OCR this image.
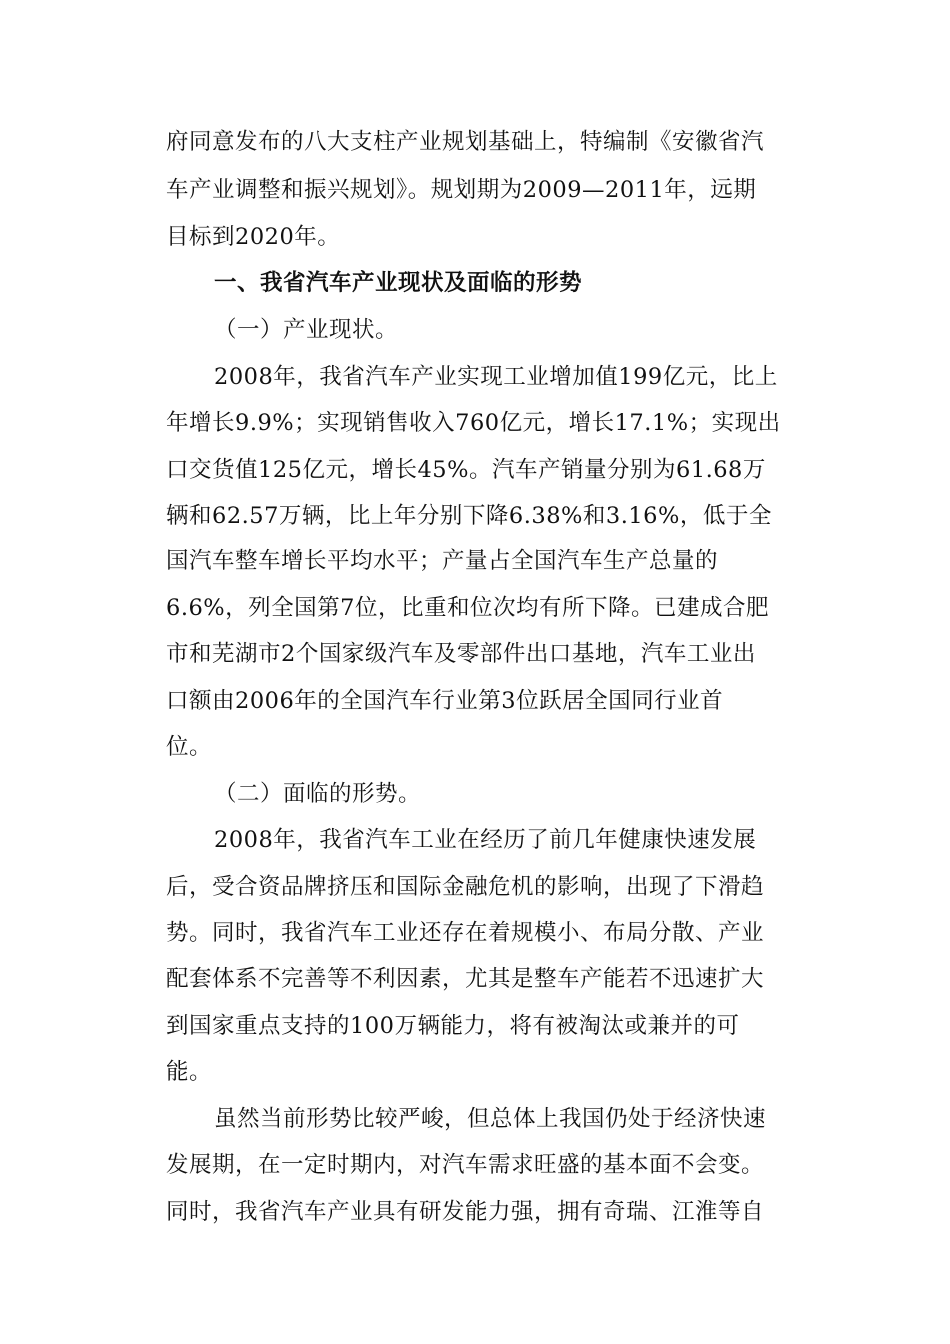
府同意发布的八大支柱产业规划基础上，特编制《安徽省汽
车产业调整和振兴规划》。规划期为2009—2011年，远期
目标到2020年。
一、我省汽车产业现状及面临的形势
（一）产业现状。
2008年，我省汽车产业实现工业增加值199亿元，比上
年增长9.9%；实现销售收入760亿元，增长17.1%；实现出
口交货值125亿元，增长45%。汽车产销量分别为61.68万
辆和62.57万辆，比上年分别下降6.38%和3.16%，低于全
国汽车整车增长平均水平；产量占全国汽车生产总量的
6.6%，列全国第7位，比重和位次均有所下降。已建成合肥
市和芜湖市2个国家级汽车及零部件出口基地，汽车工业出
口额由2006年的全国汽车行业第3位跃居全国同行业首
位。
（二）面临的形势。
2008年，我省汽车工业在经历了前几年健康快速发展
后，受合资品牌挤压和国际金融危机的影响，出现了下滑趋
势。同时，我省汽车工业还存在着规模小、布局分散、产业
配套体系不完善等不利因素，尤其是整车产能若不迅速扩大
到国家重点支持的100万辆能力，将有被淘汰或兼并的可
能。
虽然当前形势比较严峻，但总体上我国仍处于经济快速
发展期，在一定时期内，对汽车需求旺盛的基本面不会变。
同时，我省汽车产业具有研发能力强，拥有奇瑞、江淮等自
